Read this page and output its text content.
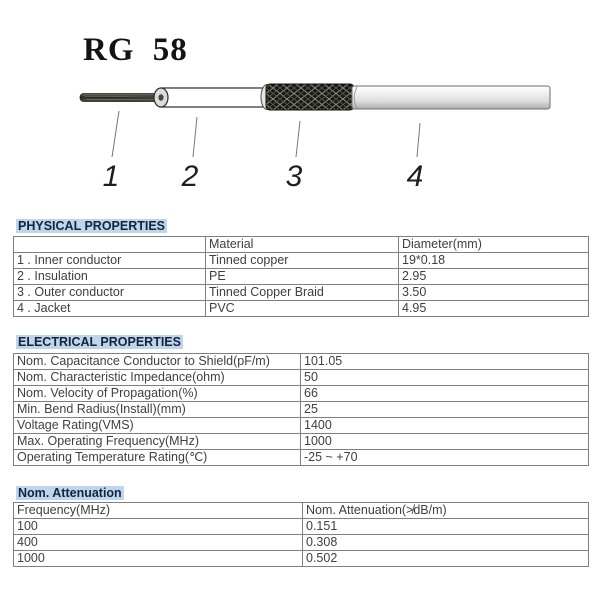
1 2	3	4
RG 58
PHYSICAL PROPERTIES
	Material	Diameter(mm)
1 . Inner conductor	Tinned copper	19*0.18
2 . Insulation	PE	2.95
3 . Outer conductor	Tinned Copper Braid	3.50
4 . Jacket	PVC	4.95
ELECTRICAL PROPERTIES
Nom. Capacitance Conductor to Shield(pF/m)	101.05
Nom. Characteristic Impedance(ohm)	50
Nom. Velocity of Propagation(%)	66
Min. Bend Radius(Install)(mm)	25
Voltage Rating(VMS)	1400
Max. Operating Frequency(MHz)	1000
Operating Temperature Rating(℃)	-25 ~ +70
Nom. Attenuation
Frequency(MHz)	Nom. Attenuation(≯dB/m)
100	0.151
400	0.308
1000	0.502
